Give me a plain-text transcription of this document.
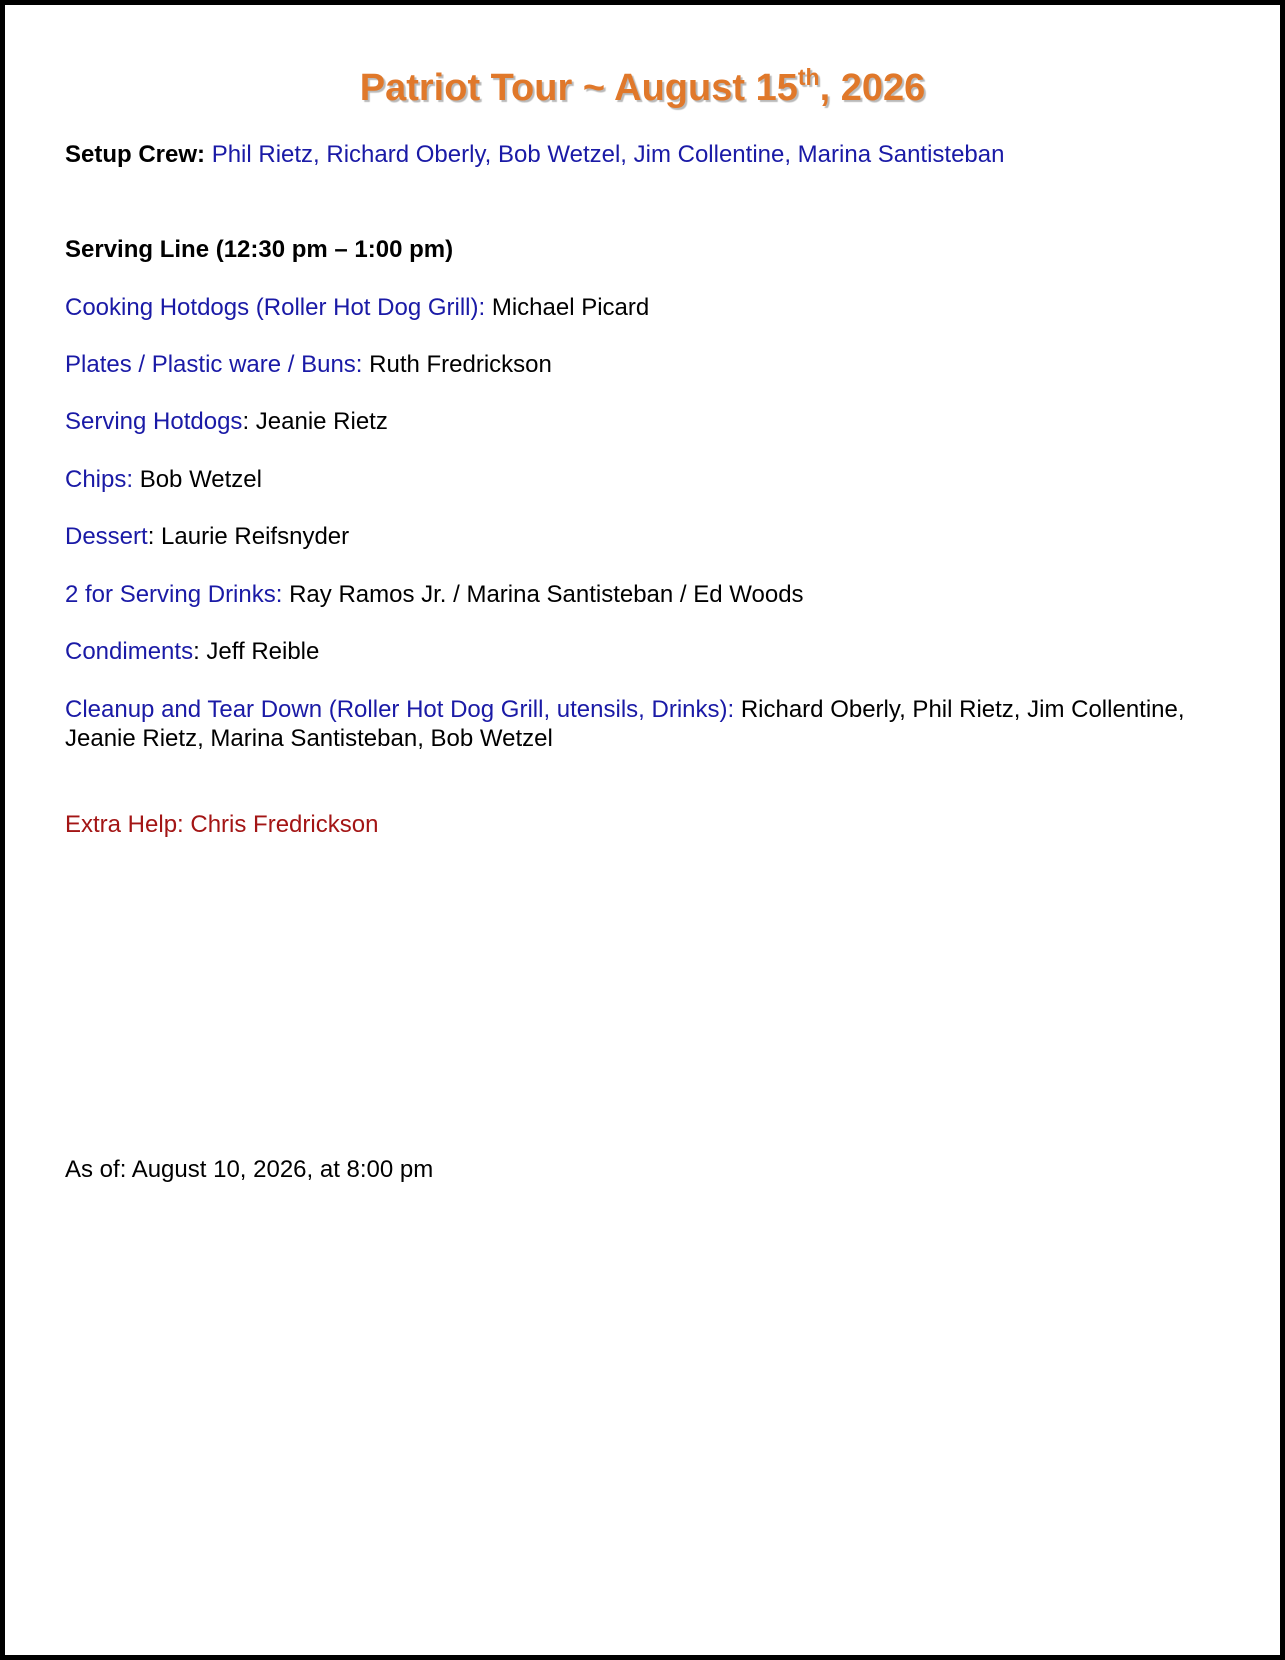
Patriot Tour ~ August 15th, 2026
Setup Crew: Phil Rietz, Richard Oberly, Bob Wetzel, Jim Collentine, Marina Santisteban
Serving Line (12:30 pm – 1:00 pm)
Cooking Hotdogs (Roller Hot Dog Grill): Michael Picard
Plates / Plastic ware / Buns: Ruth Fredrickson
Serving Hotdogs: Jeanie Rietz
Chips: Bob Wetzel
Dessert: Laurie Reifsnyder
2 for Serving Drinks: Ray Ramos Jr. / Marina Santisteban / Ed Woods
Condiments: Jeff Reible
Cleanup and Tear Down (Roller Hot Dog Grill, utensils, Drinks): Richard Oberly, Phil Rietz, Jim Collentine, Jeanie Rietz, Marina Santisteban, Bob Wetzel
Extra Help: Chris Fredrickson
As of: August 10, 2026, at 8:00 pm
